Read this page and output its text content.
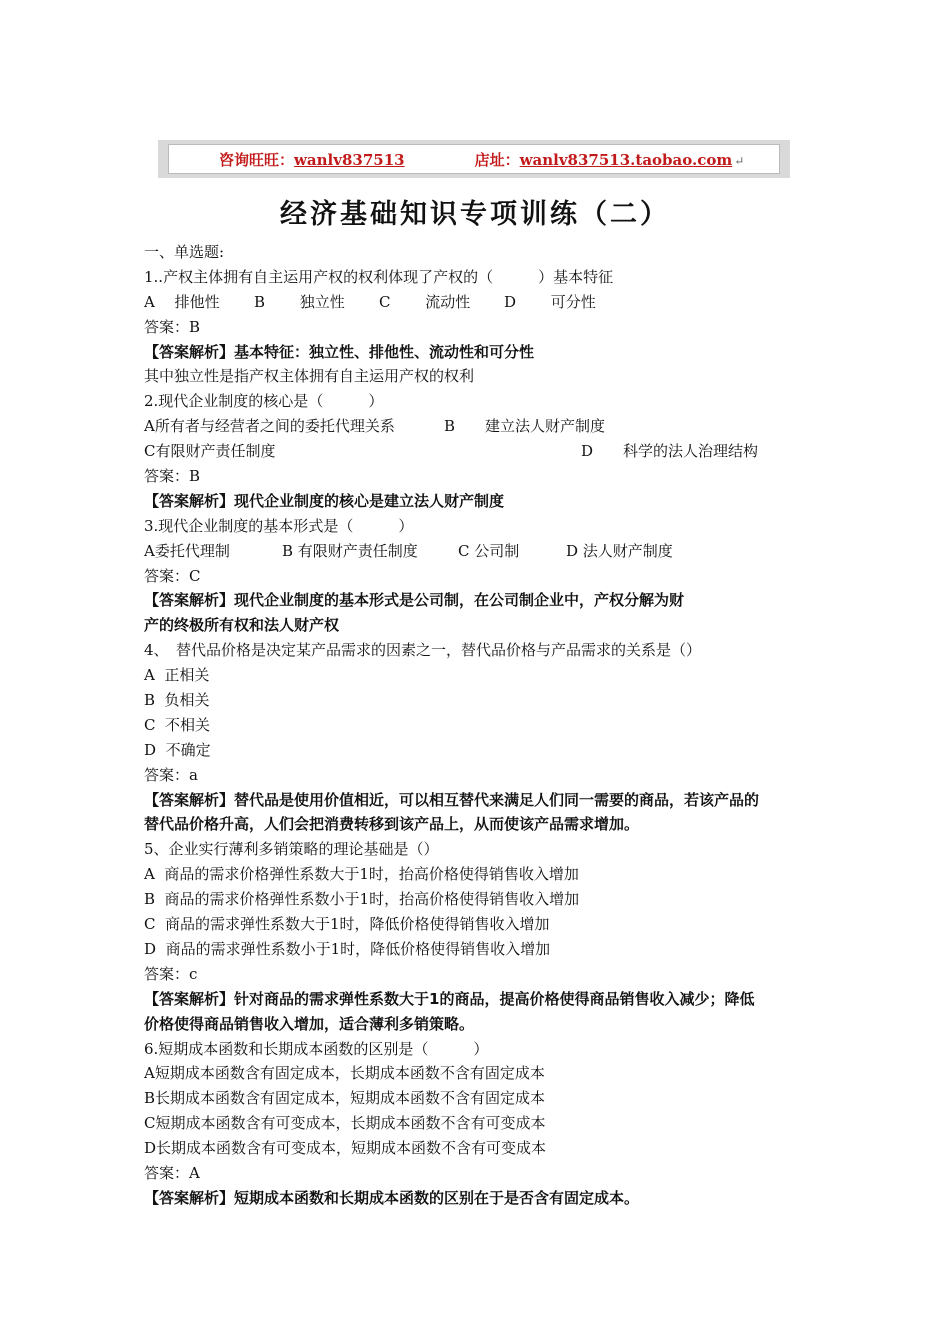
咨询旺旺：wanlv837513	店址：wanlv837513.taobao.com ↵
经济基础知识专项训练（二）
一、单选题:
1..产权主体拥有自主运用产权的权利体现了产权的（　　　）基本特征
A　 排他性	B　　 独立性	C　　 流动性	D　　 可分性
答案：B
【答案解析】基本特征：独立性、排他性、流动性和可分性
其中独立性是指产权主体拥有自主运用产权的权利
2.现代企业制度的核心是（　　　）
A所有者与经营者之间的委托代理关系	B　　建立法人财产制度
C有限财产责任制度	D　　科学的法人治理结构
答案：B
【答案解析】现代企业制度的核心是建立法人财产制度
3.现代企业制度的基本形式是（　　　）
A委托代理制	B 有限财产责任制度	C 公司制	D 法人财产制度
答案：C
【答案解析】现代企业制度的基本形式是公司制，在公司制企业中，产权分解为财
产的终极所有权和法人财产权
4、　替代品价格是决定某产品需求的因素之一，替代品价格与产品需求的关系是（）
A  正相关
B  负相关
C  不相关
D  不确定
答案：a
【答案解析】替代品是使用价值相近，可以相互替代来满足人们同一需要的商品，若该产品的
替代品价格升高，人们会把消费转移到该产品上，从而使该产品需求增加。
5、企业实行薄利多销策略的理论基础是（）
A  商品的需求价格弹性系数大于1时，抬高价格使得销售收入增加
B  商品的需求价格弹性系数小于1时，抬高价格使得销售收入增加
C  商品的需求弹性系数大于1时，降低价格使得销售收入增加
D  商品的需求弹性系数小于1时，降低价格使得销售收入增加
答案：c
【答案解析】针对商品的需求弹性系数大于1的商品，提高价格使得商品销售收入减少；降低
价格使得商品销售收入增加，适合薄利多销策略。
6.短期成本函数和长期成本函数的区别是（　　　）
A短期成本函数含有固定成本，长期成本函数不含有固定成本
B长期成本函数含有固定成本，短期成本函数不含有固定成本
C短期成本函数含有可变成本，长期成本函数不含有可变成本
D长期成本函数含有可变成本，短期成本函数不含有可变成本
答案：A
【答案解析】短期成本函数和长期成本函数的区别在于是否含有固定成本。
